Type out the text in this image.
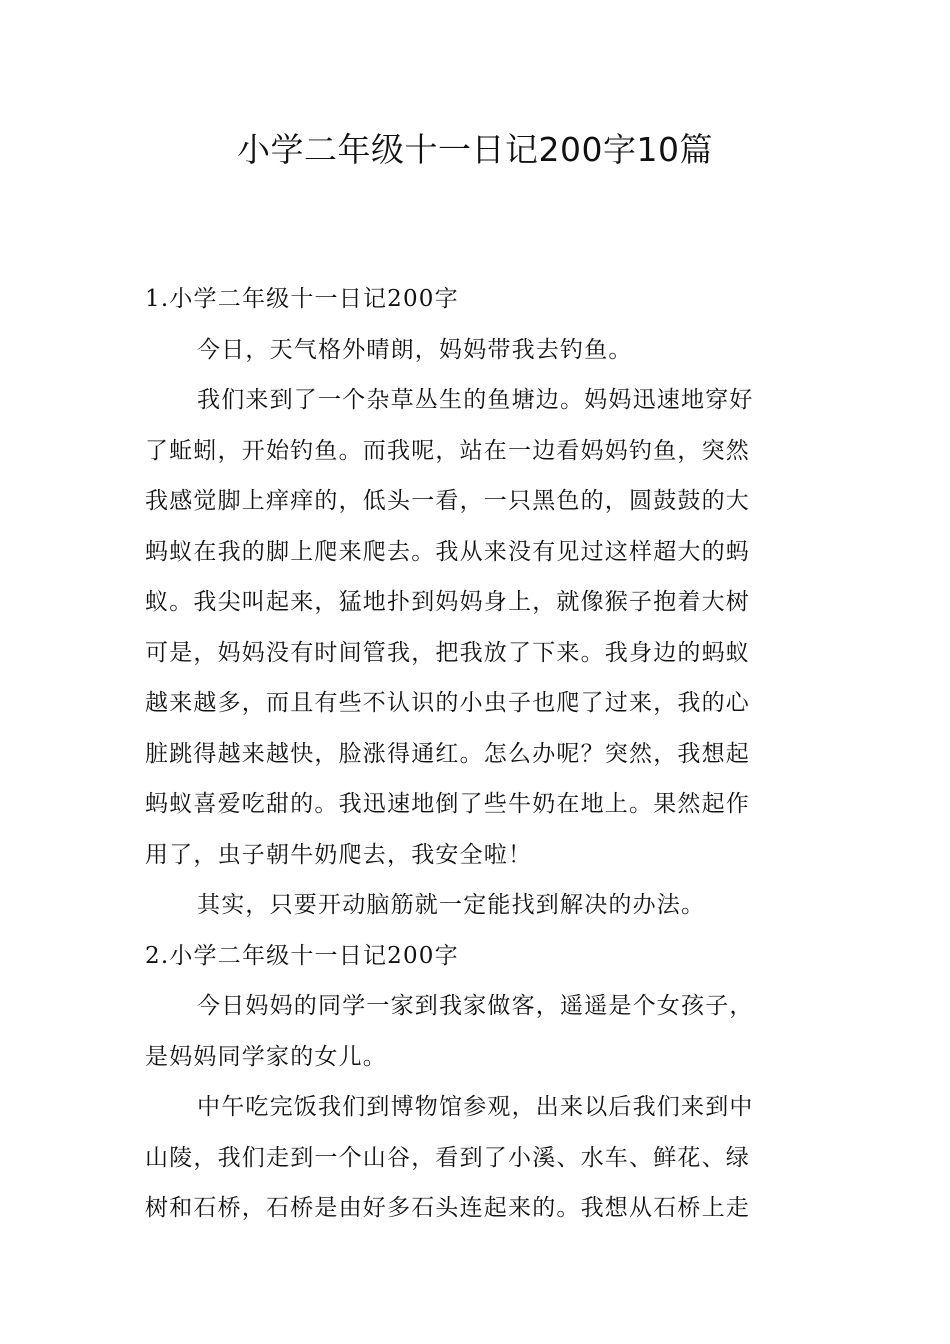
小学二年级十一日记200字10篇

1.小学二年级十一日记200字

今日，天气格外晴朗，妈妈带我去钓鱼。

我们来到了一个杂草丛生的鱼塘边。妈妈迅速地穿好

了蚯蚓，开始钓鱼。而我呢，站在一边看妈妈钓鱼，突然

我感觉脚上痒痒的，低头一看，一只黑色的，圆鼓鼓的大

蚂蚁在我的脚上爬来爬去。我从来没有见过这样超大的蚂

蚁。我尖叫起来，猛地扑到妈妈身上，就像猴子抱着大树

可是，妈妈没有时间管我，把我放了下来。我身边的蚂蚁

越来越多，而且有些不认识的小虫子也爬了过来，我的心

脏跳得越来越快，脸涨得通红。怎么办呢？突然，我想起

蚂蚁喜爱吃甜的。我迅速地倒了些牛奶在地上。果然起作

用了，虫子朝牛奶爬去，我安全啦！

其实，只要开动脑筋就一定能找到解决的办法。

2.小学二年级十一日记200字

今日妈妈的同学一家到我家做客，遥遥是个女孩子，

是妈妈同学家的女儿。

中午吃完饭我们到博物馆参观，出来以后我们来到中

山陵，我们走到一个山谷，看到了小溪、水车、鲜花、绿

树和石桥，石桥是由好多石头连起来的。我想从石桥上走
